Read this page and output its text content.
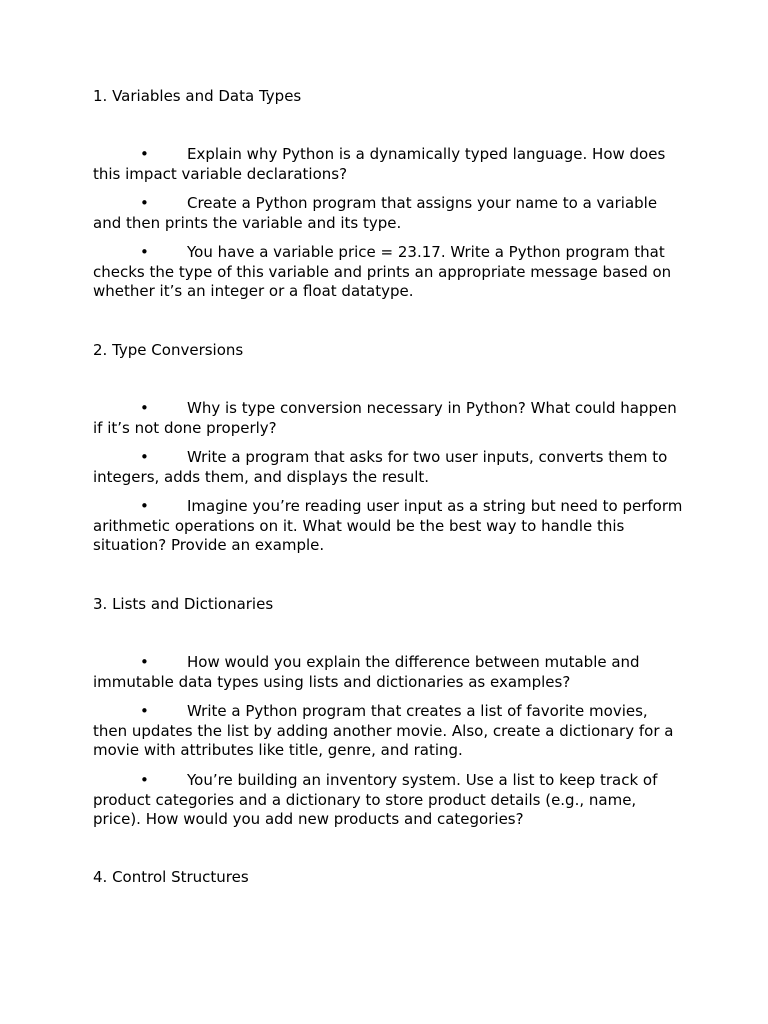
1. Variables and Data Types

•	Explain why Python is a dynamically typed language. How does this impact variable declarations?

•	Create a Python program that assigns your name to a variable and then prints the variable and its type.

•	You have a variable price = 23.17. Write a Python program that checks the type of this variable and prints an appropriate message based on whether it’s an integer or a float datatype.

2. Type Conversions

•	Why is type conversion necessary in Python? What could happen if it’s not done properly?

•	Write a program that asks for two user inputs, converts them to integers, adds them, and displays the result.

•	Imagine you’re reading user input as a string but need to perform arithmetic operations on it. What would be the best way to handle this situation? Provide an example.

3. Lists and Dictionaries

•	How would you explain the difference between mutable and immutable data types using lists and dictionaries as examples?

•	Write a Python program that creates a list of favorite movies, then updates the list by adding another movie. Also, create a dictionary for a movie with attributes like title, genre, and rating.

•	You’re building an inventory system. Use a list to keep track of product categories and a dictionary to store product details (e.g., name, price). How would you add new products and categories?

4. Control Structures
